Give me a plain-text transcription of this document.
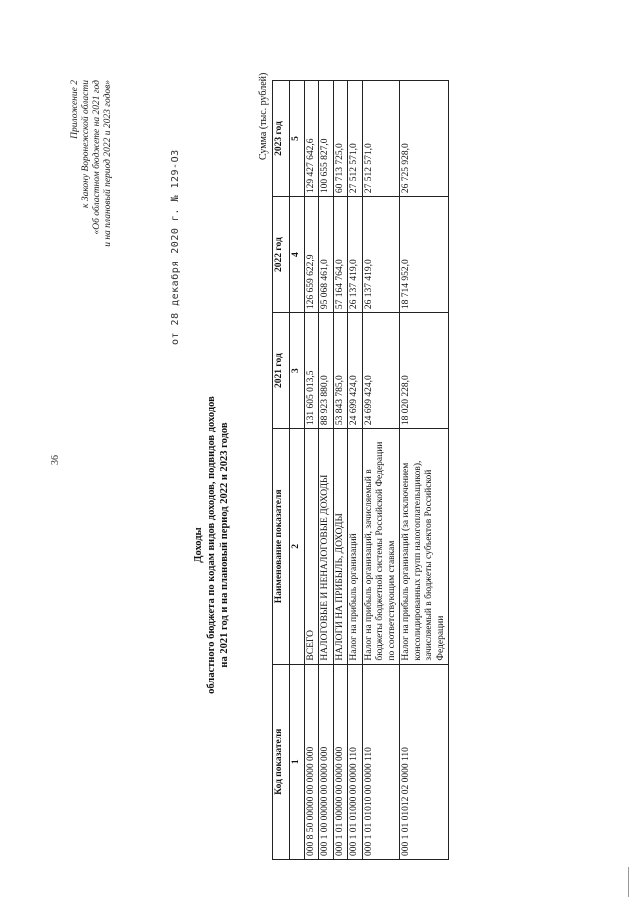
36
Приложение 2 к Закону Воронежской области «Об областном бюджете на 2021 год и на плановый период 2022 и 2023 годов»	от 28 декабря 2020 г. № 129-ОЗ
Доходы областного бюджета по кодам видов доходов, подвидов доходов на 2021 год и на плановый период 2022 и 2023 годов
Сумма (тыс. рублей)
Код показателя	Наименование показателя	2021 год	2022 год	2023 год
1	2	3	4	5
000 8 50 00000 00 0000 000	ВСЕГО	131 605 013,5	126 659 622,9	129 427 642,6
000 1 00 00000 00 0000 000	НАЛОГОВЫЕ И НЕНАЛОГОВЫЕ ДОХОДЫ	88 923 880,0	95 068 461,0	100 655 827,0
000 1 01 00000 00 0000 000	НАЛОГИ НА ПРИБЫЛЬ, ДОХОДЫ	53 843 785,0	57 164 764,0	60 713 725,0
000 1 01 01000 00 0000 110	Налог на прибыль организаций	24 699 424,0	26 137 419,0	27 512 571,0
000 1 01 01010 00 0000 110	Налог на прибыль организаций, зачисляемый в бюджеты бюджетной системы Российской Федерации по соответствующим ставкам	24 699 424,0	26 137 419,0	27 512 571,0
000 1 01 01012 02 0000 110	Налог на прибыль организаций (за исключением консолидированных групп налогоплательщиков), зачисляемый в бюджеты субъектов Российской Федерации	18 020 228,0	18 714 952,0	26 725 928,0
